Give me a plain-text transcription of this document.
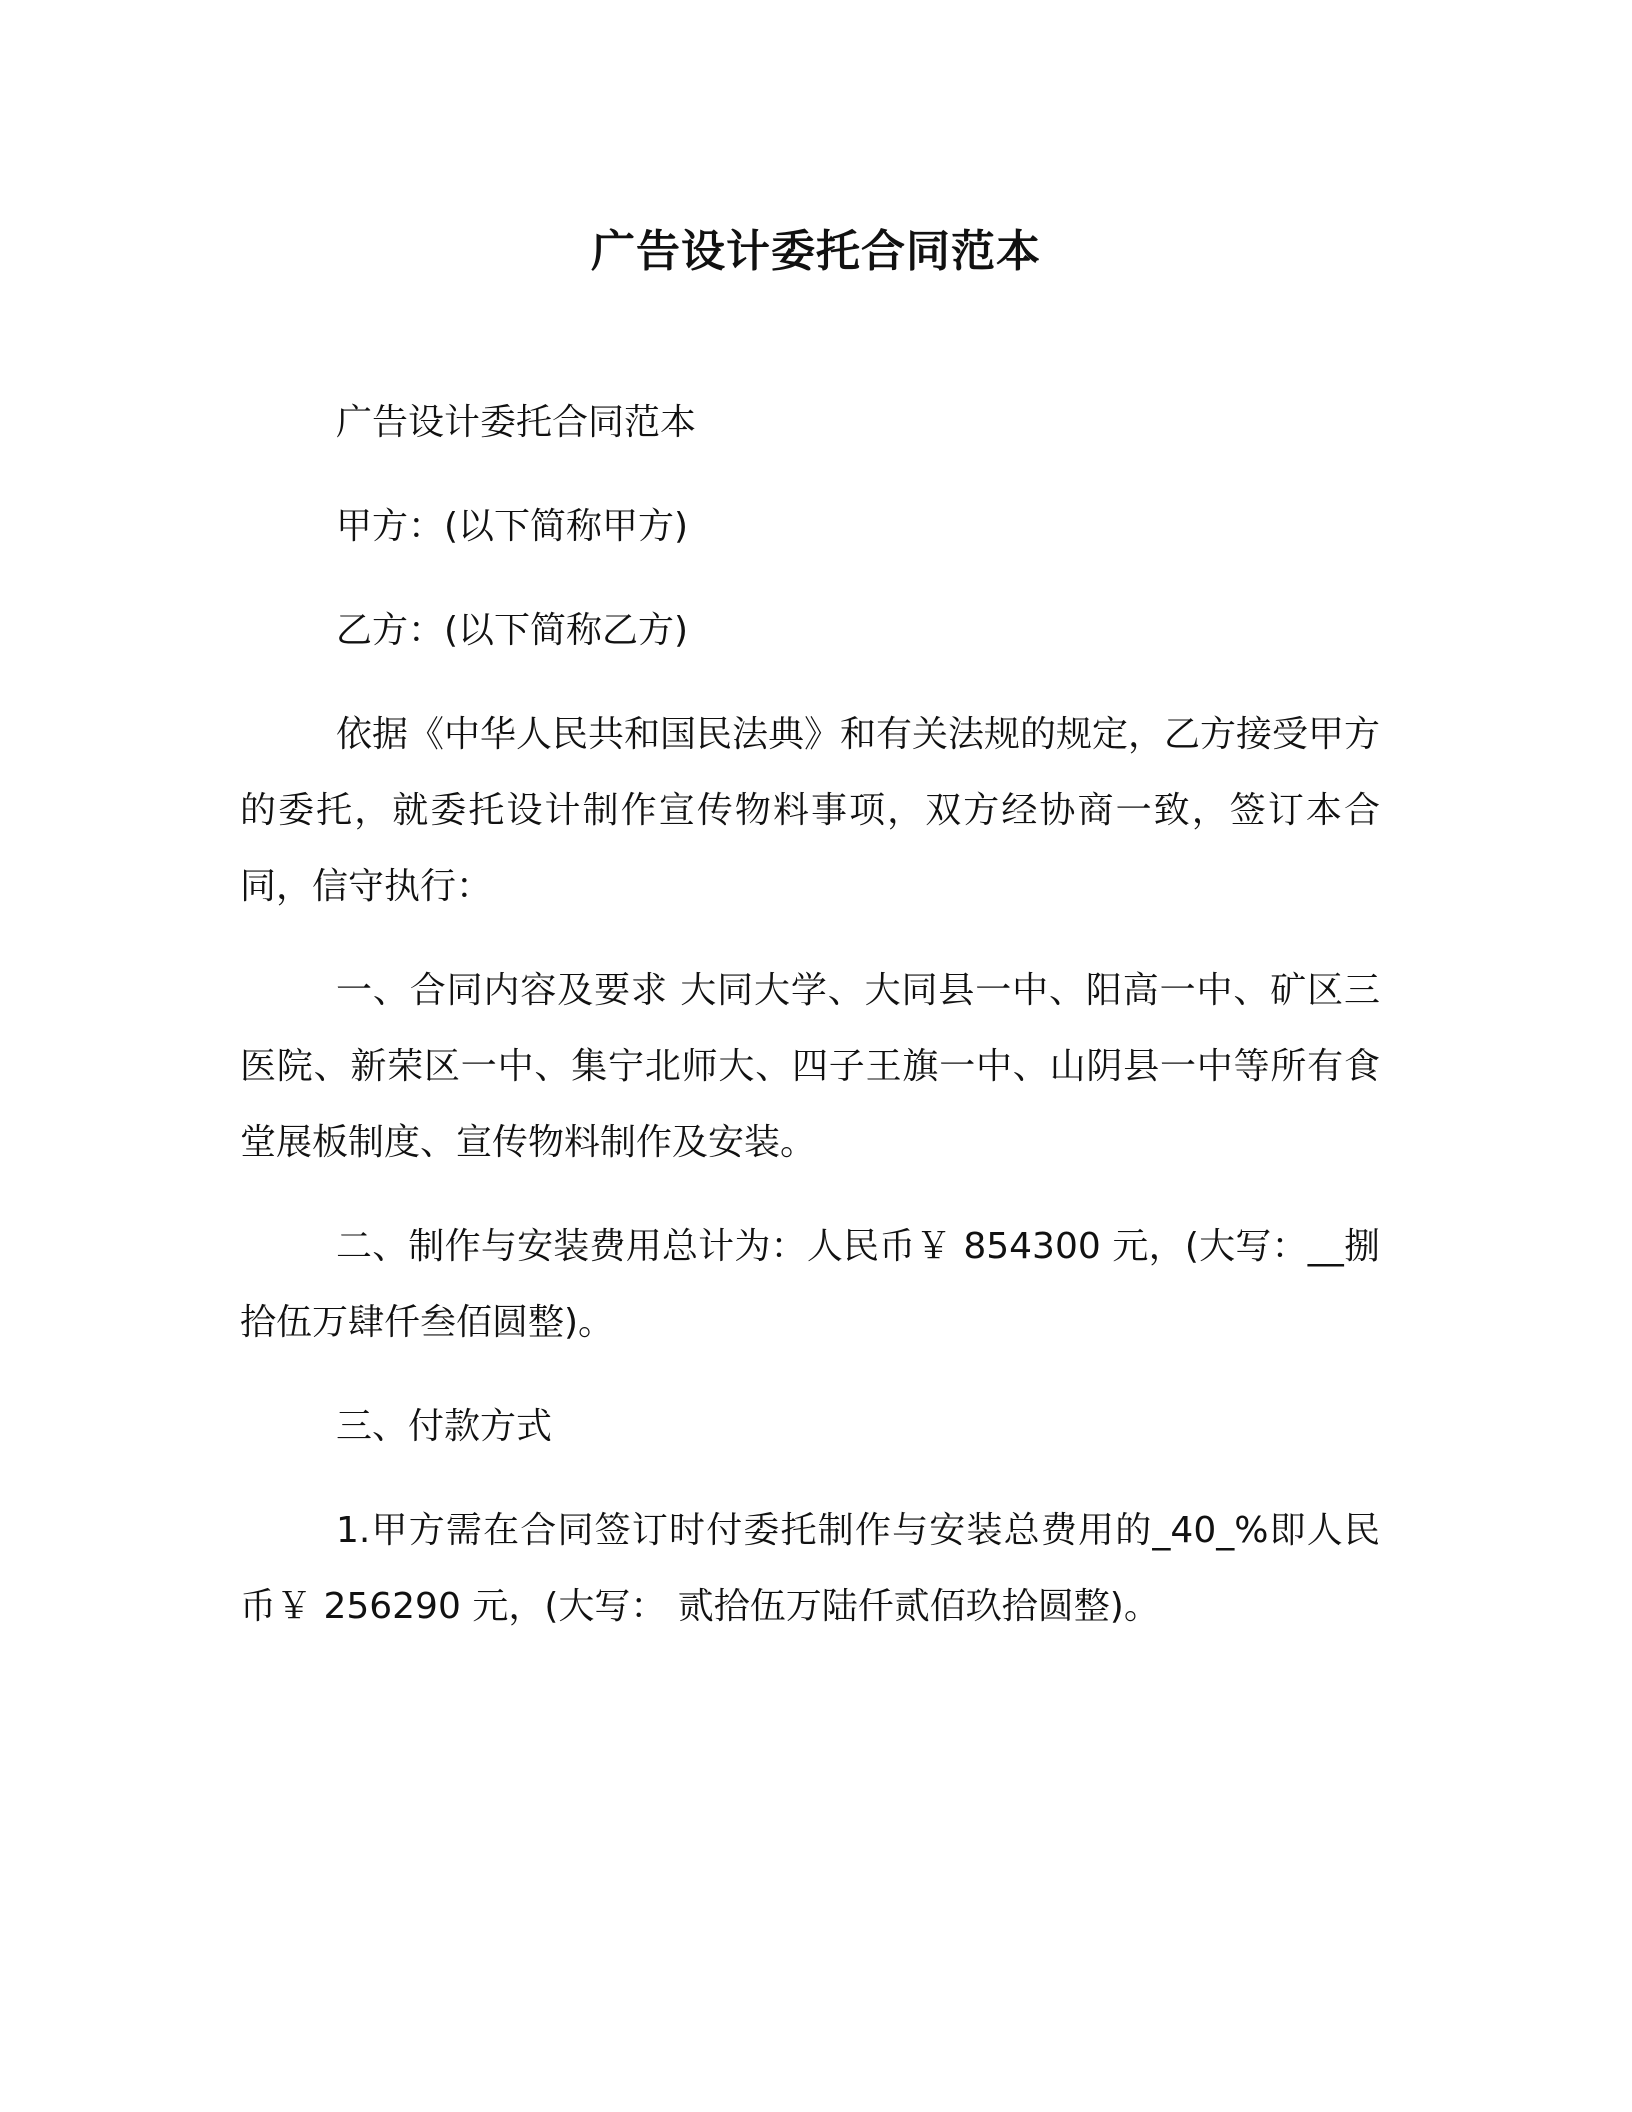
广告设计委托合同范本

广告设计委托合同范本

甲方：(以下简称甲方)

乙方：(以下简称乙方)

依据《中华人民共和国民法典》和有关法规的规定，乙方接受甲方的委托，就委托设计制作宣传物料事项，双方经协商一致，签订本合同，信守执行：

一、合同内容及要求 大同大学、大同县一中、阳高一中、矿区三医院、新荣区一中、集宁北师大、四子王旗一中、山阴县一中等所有食堂展板制度、宣传物料制作及安装。

二、制作与安装费用总计为：人民币￥ 854300 元，(大写：__捌拾伍万肆仟叁佰圆整)。

三、付款方式

1.甲方需在合同签订时付委托制作与安装总费用的_40_%即人民币￥ 256290 元，(大写： 贰拾伍万陆仟贰佰玖拾圆整)。
